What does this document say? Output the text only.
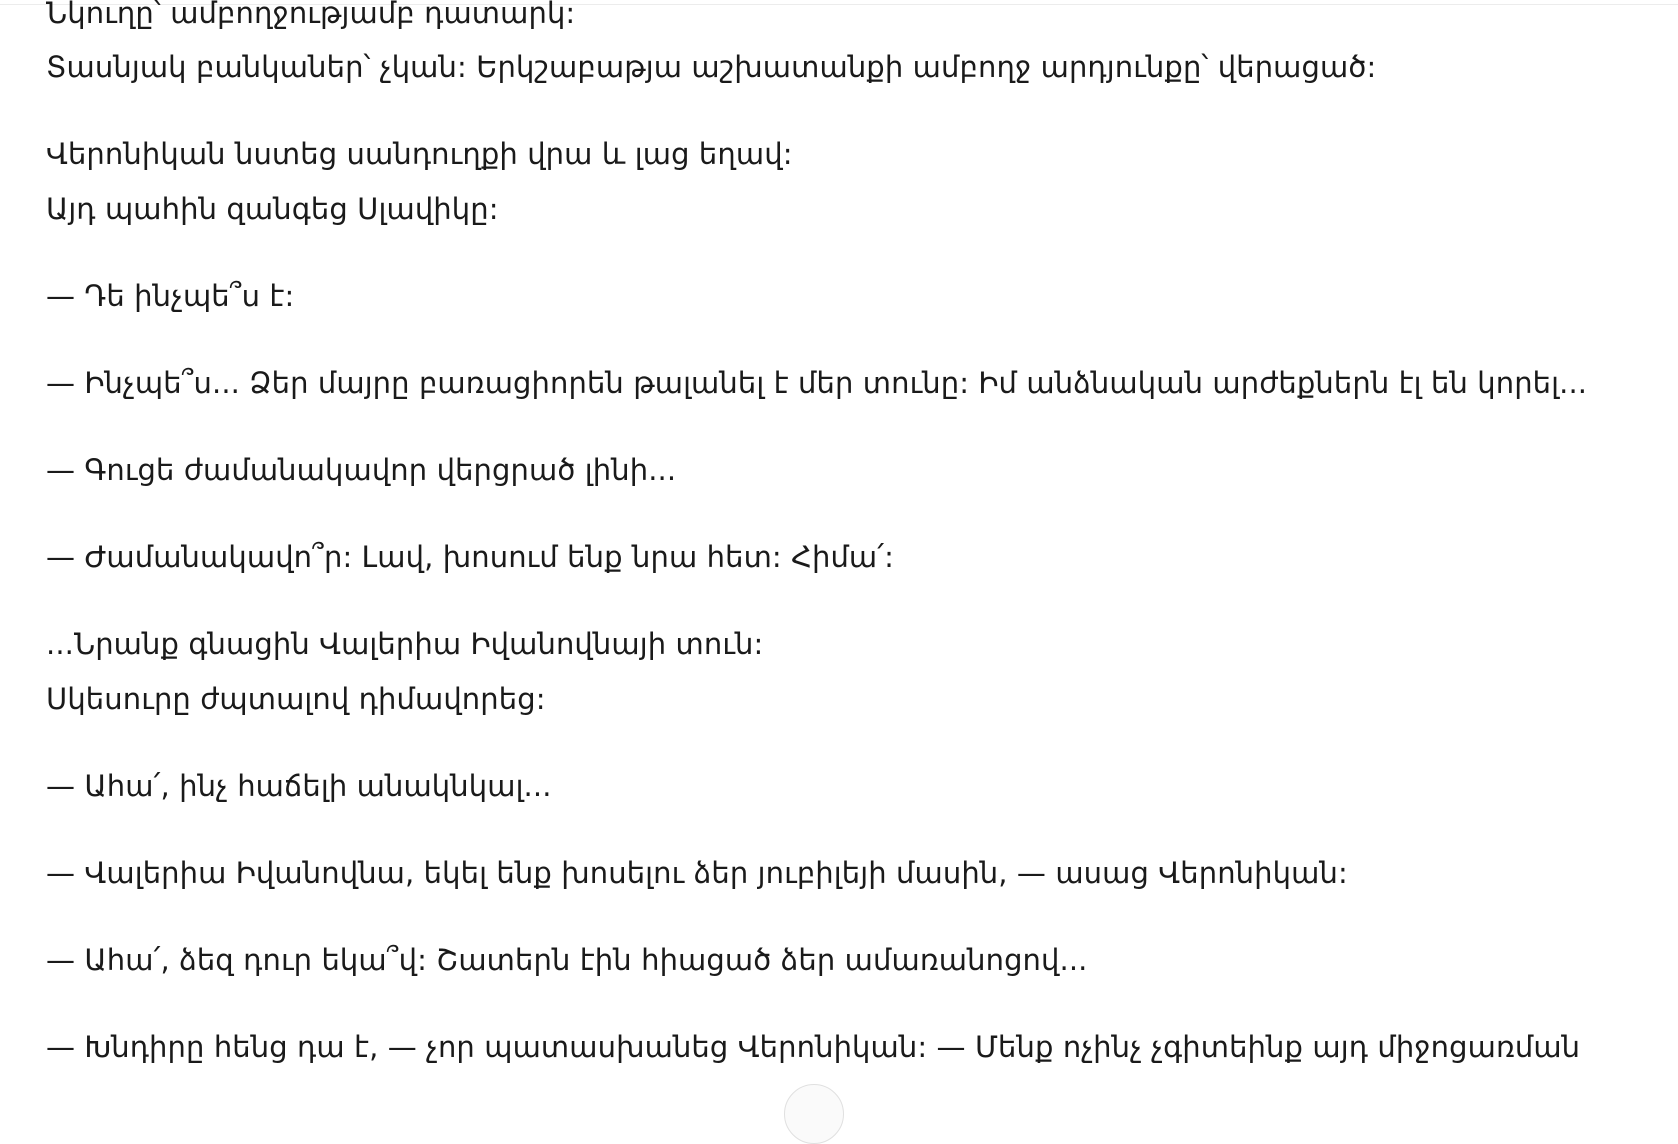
Նկուղը՝ ամբողջությամբ դատարկ:
Տասնյակ բանկաներ՝ չկան: Երկշաբաթյա աշխատանքի ամբողջ արդյունքը՝ վերացած:
Վերոնիկան նստեց սանդուղքի վրա և լաց եղավ:
Այդ պահին զանգեց Սլավիկը:
— Դե ինչպե՞ս է:
— Ինչպե՞ս... Ձեր մայրը բառացիորեն թալանել է մեր տունը: Իմ անձնական արժեքներն էլ են կորել...
— Գուցե ժամանակավոր վերցրած լինի...
— Ժամանակավո՞ր: Լավ, խոսում ենք նրա հետ: Հիմա՛:
...Նրանք գնացին Վալերիա Իվանովնայի տուն:
Սկեսուրը ժպտալով դիմավորեց:
— Ահա՛, ինչ հաճելի անակնկալ...
— Վալերիա Իվանովնա, եկել ենք խոսելու ձեր յուբիլեյի մասին, — ասաց Վերոնիկան:
— Ահա՛, ձեզ դուր եկա՞վ: Շատերն էին հիացած ձեր ամառանոցով...
— Խնդիրը հենց դա է, — չոր պատասխանեց Վերոնիկան: — Մենք ոչինչ չգիտեինք այդ միջոցառման
